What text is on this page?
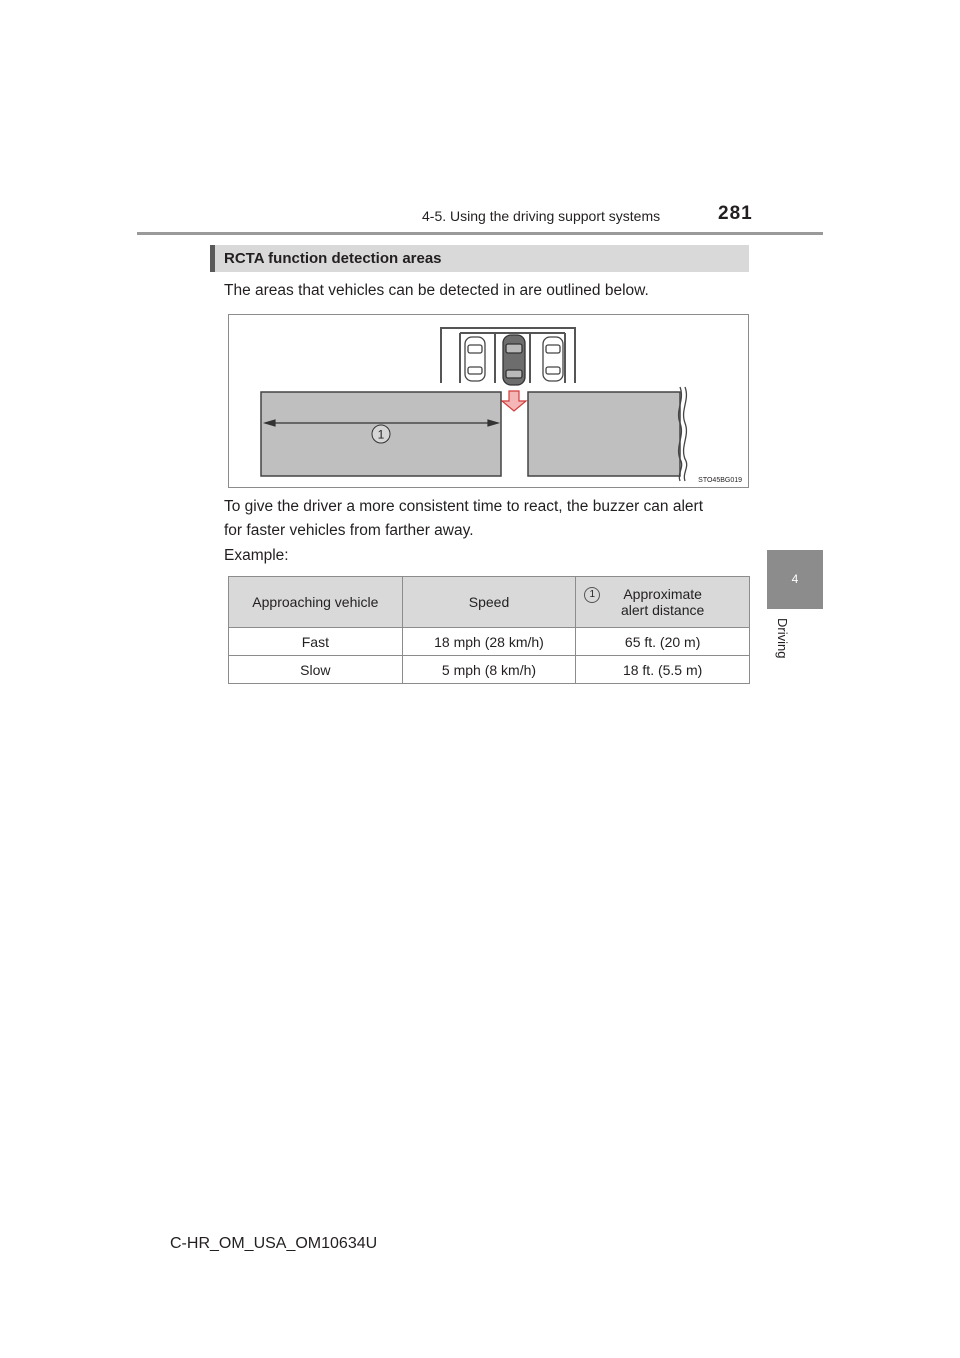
4-5. Using the driving support systems	281
4
Driving
RCTA function detection areas
The areas that vehicles can be detected in are outlined below.
1
STO45BG019
To give the driver a more consistent time to react, the buzzer can alert
for faster vehicles from farther away.
Example:
Approaching vehicle	Speed	1 Approximate
alert distance

Fast	18 mph (28 km/h)	65 ft. (20 m)
Slow	5 mph (8 km/h)	18 ft. (5.5 m)
C-HR_OM_USA_OM10634U
